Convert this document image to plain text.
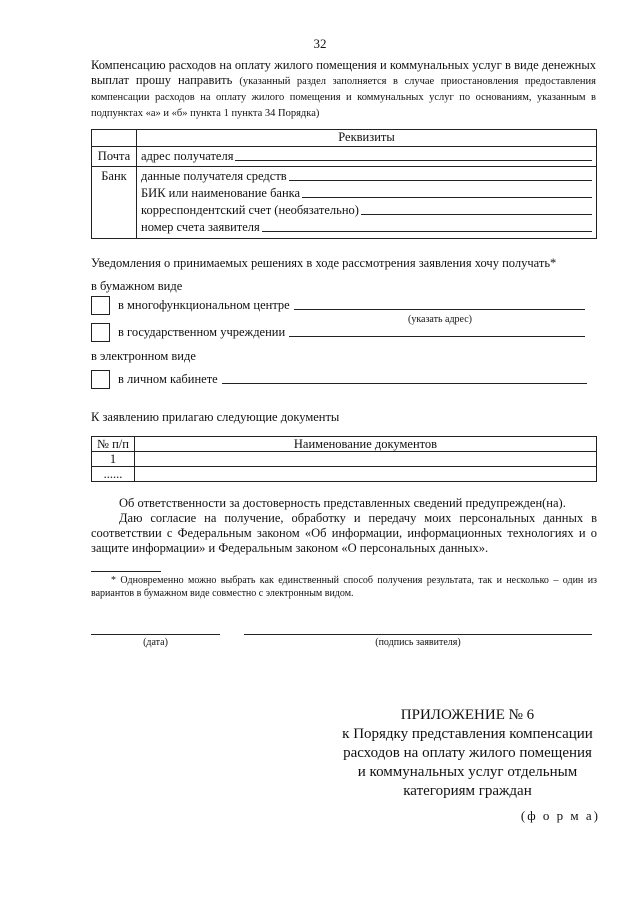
32
Компенсацию расходов на оплату жилого помещения и коммунальных услуг в виде денежных выплат прошу направить (указанный раздел заполняется в случае приостановления предоставления компенсации расходов на оплату жилого помещения и коммунальных услуг по основаниям, указанным в подпунктах «а» и «б» пункта 1 пункта 34 Порядка)
	Реквизиты
Почта	адрес получателя

Банк	данные получателя средств
БИК или наименование банка
корреспондентский счет (необязательно)
номер счета заявителя
Уведомления о принимаемых решениях в ходе рассмотрения заявления хочу получать*
в бумажном виде
в многофункциональном центре
(указать адрес)
в государственном учреждении
в электронном виде
в личном кабинете
К заявлению прилагаю следующие документы
№ п/п	Наименование документов
1	
......	
Об ответственности за достоверность представленных сведений предупрежден(на).
Даю согласие на получение, обработку и передачу моих персональных данных в соответствии с Федеральным законом «Об информации, информационных технологиях и о защите информации» и Федеральным законом «О персональных данных».
* Одновременно можно выбрать как единственный способ получения результата, так и несколько – один из вариантов в бумажном виде совместно с электронным видом.
(дата)	(подпись заявителя)
ПРИЛОЖЕНИЕ № 6
к Порядку представления компенсации
расходов на оплату жилого помещения
и коммунальных услуг отдельным
категориям граждан
(ф о р м а)
